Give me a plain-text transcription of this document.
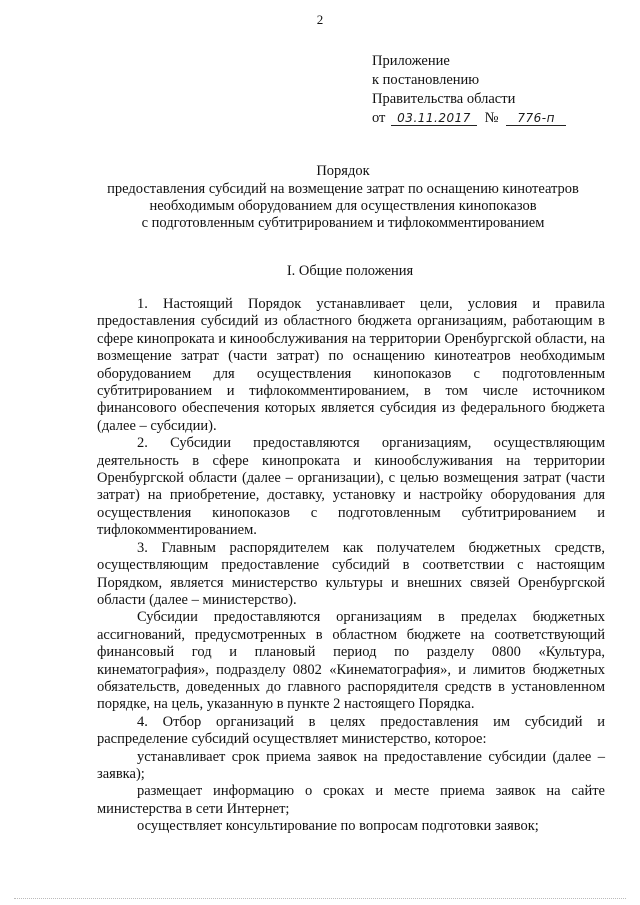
2
Приложение
к постановлению
Правительства области
от 03.11.2017 № 776-п
Порядок
предоставления субсидий на возмещение затрат по оснащению кинотеатров
необходимым оборудованием для осуществления кинопоказов
с подготовленным субтитрированием и тифлокомментированием
I. Общие положения

1. Настоящий Порядок устанавливает цели, условия и правила предоставления субсидий из областного бюджета организациям, работающим в сфере кинопроката и кинообслуживания на территории Оренбургской области, на возмещение затрат (части затрат) по оснащению кинотеатров необходимым оборудованием для осуществления кинопоказов с подготовленным субтитрированием и тифлокомментированием, в том числе источником финансового обеспечения которых является субсидия из федерального бюджета (далее – субсидии).

2. Субсидии предоставляются организациям, осуществляющим деятельность в сфере кинопроката и кинообслуживания на территории Оренбургской области (далее – организации), с целью возмещения затрат (части затрат) на приобретение, доставку, установку и настройку оборудования для осуществления кинопоказов с подготовленным субтитрированием и тифлокомментированием.

3. Главным распорядителем как получателем бюджетных средств, осуществляющим предоставление субсидий в соответствии с настоящим Порядком, является министерство культуры и внешних связей Оренбургской области (далее – министерство).

Субсидии предоставляются организациям в пределах бюджетных ассигнований, предусмотренных в областном бюджете на соответствующий финансовый год и плановый период по разделу 0800 «Культура, кинематография», подразделу 0802 «Кинематография», и лимитов бюджетных обязательств, доведенных до главного распорядителя средств в установленном порядке, на цель, указанную в пункте 2 настоящего Порядка.

4. Отбор организаций в целях предоставления им субсидий и распределение субсидий осуществляет министерство, которое:

устанавливает срок приема заявок на предоставление субсидии (далее – заявка);

размещает информацию о сроках и месте приема заявок на сайте министерства в сети Интернет;

осуществляет консультирование по вопросам подготовки заявок;
